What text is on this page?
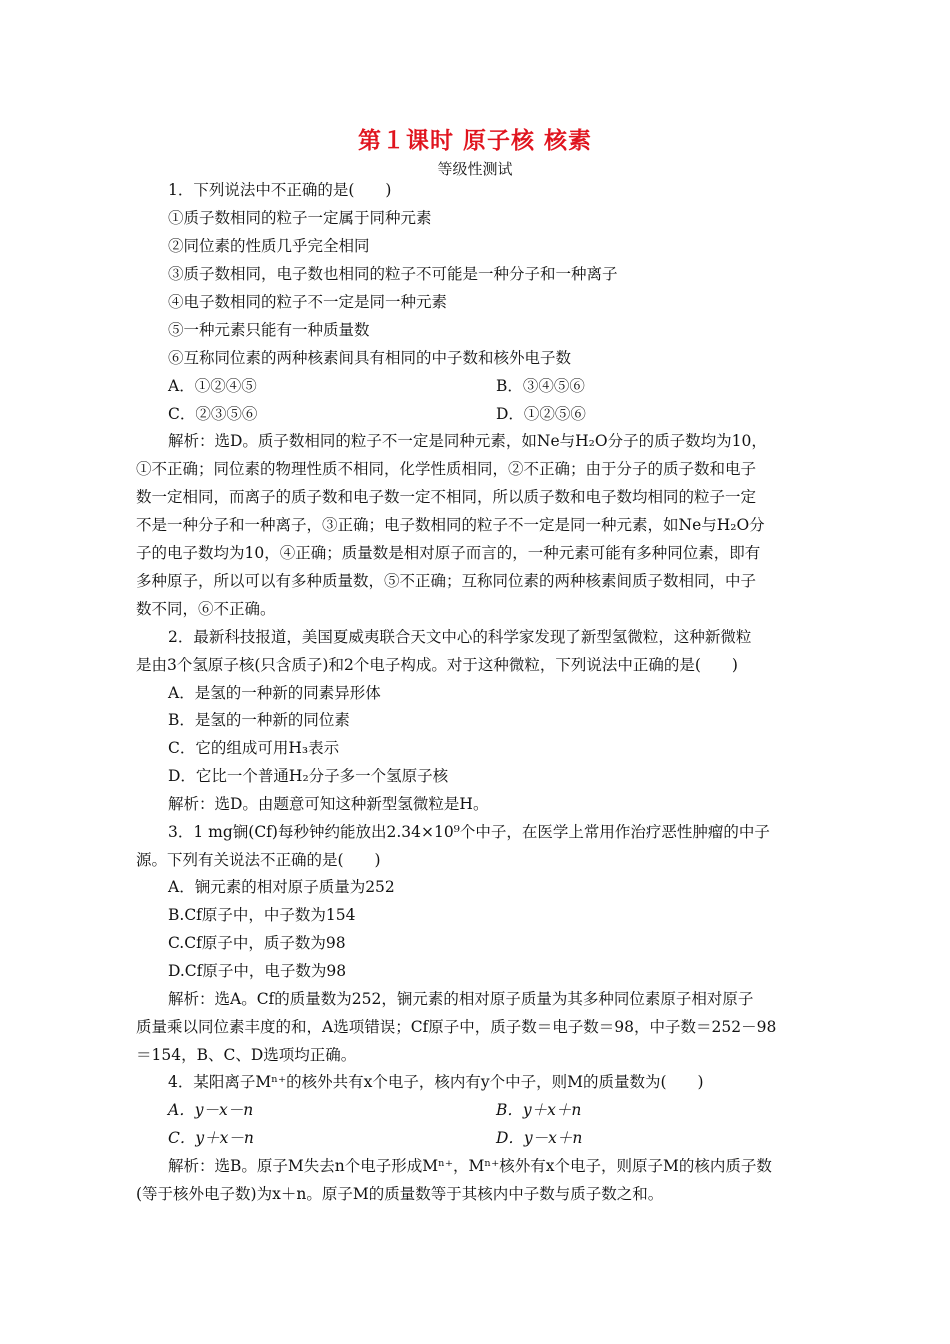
第１课时 原子核 核素
等级性测试
1．下列说法中不正确的是(　　)
①质子数相同的粒子一定属于同种元素
②同位素的性质几乎完全相同
③质子数相同，电子数也相同的粒子不可能是一种分子和一种离子
④电子数相同的粒子不一定是同一种元素
⑤一种元素只能有一种质量数
⑥互称同位素的两种核素间具有相同的中子数和核外电子数
A．①②④⑤	B．③④⑤⑥
C．②③⑤⑥	D．①②⑤⑥
解析：选D。质子数相同的粒子不一定是同种元素，如Ne与H₂O分子的质子数均为10，
①不正确；同位素的物理性质不相同，化学性质相同，②不正确；由于分子的质子数和电子
数一定相同，而离子的质子数和电子数一定不相同，所以质子数和电子数均相同的粒子一定
不是一种分子和一种离子，③正确；电子数相同的粒子不一定是同一种元素，如Ne与H₂O分
子的电子数均为10，④正确；质量数是相对原子而言的，一种元素可能有多种同位素，即有
多种原子，所以可以有多种质量数，⑤不正确；互称同位素的两种核素间质子数相同，中子
数不同，⑥不正确。
2．最新科技报道，美国夏威夷联合天文中心的科学家发现了新型氢微粒，这种新微粒
是由3个氢原子核(只含质子)和2个电子构成。对于这种微粒，下列说法中正确的是(　　)
A．是氢的一种新的同素异形体
B．是氢的一种新的同位素
C．它的组成可用H₃表示
D．它比一个普通H₂分子多一个氢原子核
解析：选D。由题意可知这种新型氢微粒是H。
3．1 mg锎(Cf)每秒钟约能放出2.34×10⁹个中子，在医学上常用作治疗恶性肿瘤的中子
源。下列有关说法不正确的是(　　)
A．锎元素的相对原子质量为252
B.Cf原子中，中子数为154
C.Cf原子中，质子数为98
D.Cf原子中，电子数为98
解析：选A。Cf的质量数为252，锎元素的相对原子质量为其多种同位素原子相对原子
质量乘以同位素丰度的和，A选项错误；Cf原子中，质子数＝电子数＝98，中子数＝252－98
＝154，B、C、D选项均正确。
4．某阳离子Mⁿ⁺的核外共有x个电子，核内有y个中子，则M的质量数为(　　)
A．y－x－n	B．y＋x＋n
C．y＋x－n	D．y－x＋n
解析：选B。原子M失去n个电子形成Mⁿ⁺，Mⁿ⁺核外有x个电子，则原子M的核内质子数
(等于核外电子数)为x＋n。原子M的质量数等于其核内中子数与质子数之和。
